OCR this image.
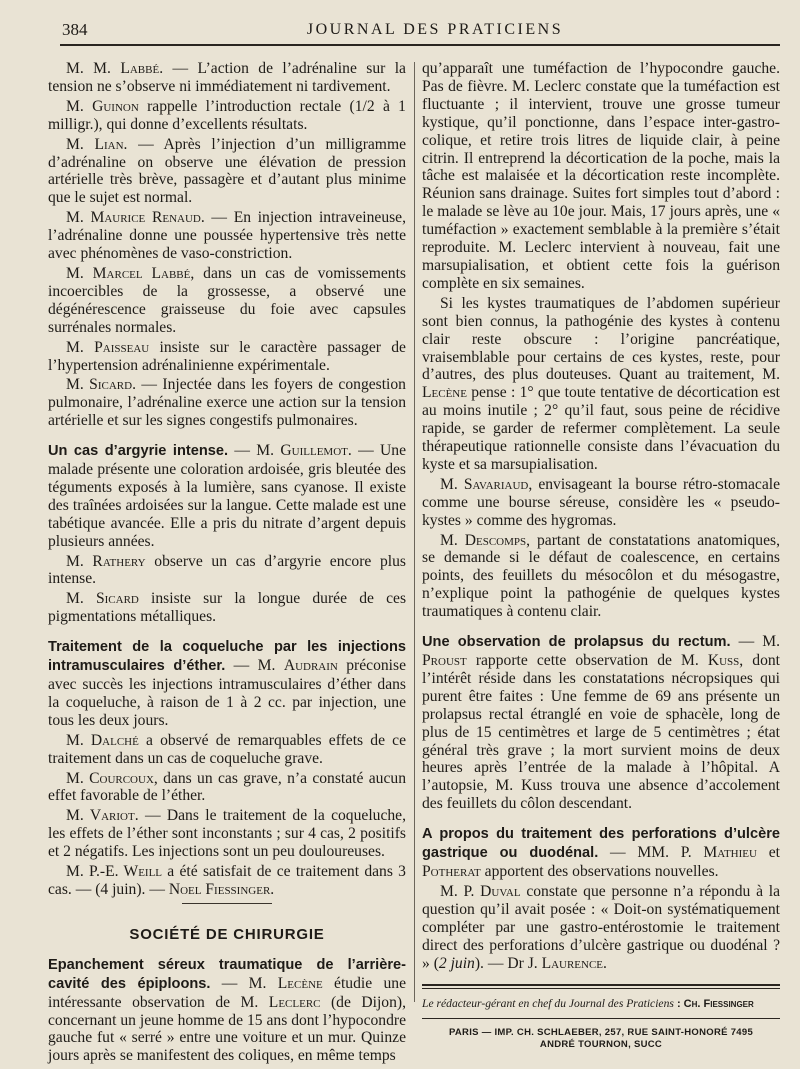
384	JOURNAL DES PRATICIENS

M. M. Labbé. — L’action de l’adrénaline sur la tension ne s’observe ni immédiatement ni tardivement.

M. Guinon rappelle l’introduction rectale (1/2 à 1 milligr.), qui donne d’excellents résultats.

M. Lian. — Après l’injection d’un milligramme d’adrénaline on observe une élévation de pression artérielle très brève, passagère et d’autant plus minime que le sujet est normal.

M. Maurice Renaud. — En injection intraveineuse, l’adrénaline donne une poussée hypertensive très nette avec phénomènes de vaso-constriction.

M. Marcel Labbé, dans un cas de vomissements incoercibles de la grossesse, a observé une dégénérescence graisseuse du foie avec capsules surrénales normales.

M. Paisseau insiste sur le caractère passager de l’hypertension adrénalinienne expérimentale.

M. Sicard. — Injectée dans les foyers de congestion pulmonaire, l’adrénaline exerce une action sur la tension artérielle et sur les signes congestifs pulmonaires.

Un cas d’argyrie intense. — M. Guillemot. — Une malade présente une coloration ardoisée, gris bleutée des téguments exposés à la lumière, sans cyanose. Il existe des traînées ardoisées sur la langue. Cette malade est une tabétique avancée. Elle a pris du nitrate d’argent depuis plusieurs années.

M. Rathery observe un cas d’argyrie encore plus intense.

M. Sicard insiste sur la longue durée de ces pigmentations métalliques.

Traitement de la coqueluche par les injections intramusculaires d’éther. — M. Audrain préconise avec succès les injections intramusculaires d’éther dans la coqueluche, à raison de 1 à 2 cc. par injection, une tous les deux jours.

M. Dalché a observé de remarquables effets de ce traitement dans un cas de coqueluche grave.

M. Courcoux, dans un cas grave, n’a constaté aucun effet favorable de l’éther.

M. Variot. — Dans le traitement de la coqueluche, les effets de l’éther sont inconstants ; sur 4 cas, 2 positifs et 2 négatifs. Les injections sont un peu douloureuses.

M. P.-E. Weill a été satisfait de ce traitement dans 3 cas. — (4 juin). — Noel Fiessinger.

SOCIÉTÉ DE CHIRURGIE

Epanchement séreux traumatique de l’arrière-cavité des épiploons. — M. Lecène étudie une intéressante observation de M. Leclerc (de Dijon), concernant un jeune homme de 15 ans dont l’hypocondre gauche fut « serré » entre une voiture et un mur. Quinze jours après se manifestent des coliques, en même temps

qu’apparaît une tuméfaction de l’hypocondre gauche. Pas de fièvre. M. Leclerc constate que la tuméfaction est fluctuante ; il intervient, trouve une grosse tumeur kystique, qu’il ponctionne, dans l’espace inter-gastro-colique, et retire trois litres de liquide clair, à peine citrin. Il entreprend la décortication de la poche, mais la tâche est malaisée et la décortication reste incomplète. Réunion sans drainage. Suites fort simples tout d’abord : le malade se lève au 10e jour. Mais, 17 jours après, une « tuméfaction » exactement semblable à la première s’était reproduite. M. Leclerc intervient à nouveau, fait une marsupialisation, et obtient cette fois la guérison complète en six semaines.

Si les kystes traumatiques de l’abdomen supérieur sont bien connus, la pathogénie des kystes à contenu clair reste obscure : l’origine pancréatique, vraisemblable pour certains de ces kystes, reste, pour d’autres, des plus douteuses. Quant au traitement, M. Lecène pense : 1° que toute tentative de décortication est au moins inutile ; 2° qu’il faut, sous peine de récidive rapide, se garder de refermer complètement. La seule thérapeutique rationnelle consiste dans l’évacuation du kyste et sa marsupialisation.

M. Savariaud, envisageant la bourse rétro-stomacale comme une bourse séreuse, considère les « pseudo-kystes » comme des hygromas.

M. Descomps, partant de constatations anatomiques, se demande si le défaut de coalescence, en certains points, des feuillets du mésocôlon et du mésogastre, n’explique point la pathogénie de quelques kystes traumatiques à contenu clair.

Une observation de prolapsus du rectum. — M. Proust rapporte cette observation de M. Kuss, dont l’intérêt réside dans les constatations nécropsiques qui purent être faites : Une femme de 69 ans présente un prolapsus rectal étranglé en voie de sphacèle, long de plus de 15 centimètres et large de 5 centimètres ; état général très grave ; la mort survient moins de deux heures après l’entrée de la malade à l’hôpital. A l’autopsie, M. Kuss trouva une absence d’accolement des feuillets du côlon descendant.

A propos du traitement des perforations d’ulcère gastrique ou duodénal. — MM. P. Mathieu et Potherat apportent des observations nouvelles.

M. P. Duval constate que personne n’a répondu à la question qu’il avait posée : « Doit-on systématiquement compléter par une gastro-entérostomie le traitement direct des perforations d’ulcère gastrique ou duodénal ? » (2 juin). — Dr J. Laurence.

Le rédacteur-gérant en chef du Journal des Praticiens : Ch. Fiessinger

PARIS — IMP. CH. SCHLAEBER, 257, RUE SAINT-HONORÉ 7495
ANDRÉ TOURNON, SUCC
